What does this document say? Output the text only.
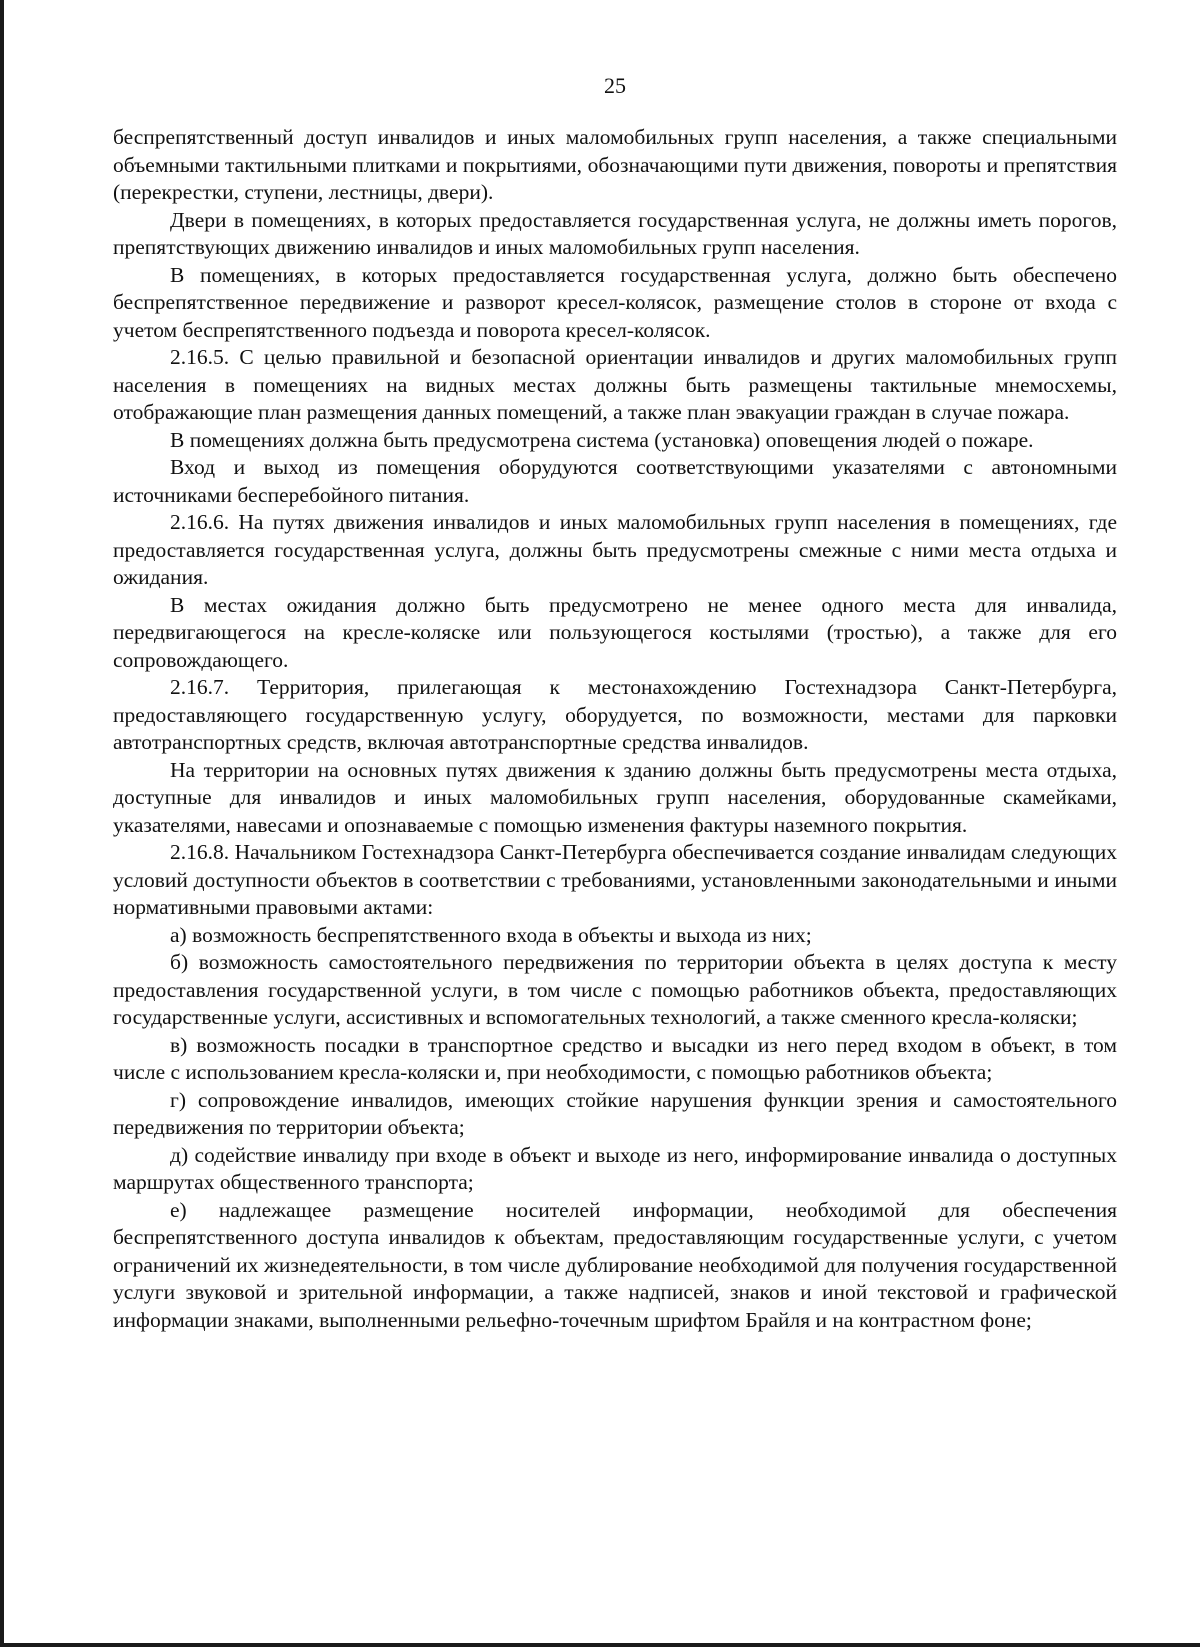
25

беспрепятственный доступ инвалидов и иных маломобильных групп населения, а также специальными объемными тактильными плитками и покрытиями, обозначающими пути движения, повороты и препятствия (перекрестки, ступени, лестницы, двери).

Двери в помещениях, в которых предоставляется государственная услуга, не должны иметь порогов, препятствующих движению инвалидов и иных маломобильных групп населения.

В помещениях, в которых предоставляется государственная услуга, должно быть обеспечено беспрепятственное передвижение и разворот кресел-колясок, размещение столов в стороне от входа с учетом беспрепятственного подъезда и поворота кресел-колясок.

2.16.5. С целью правильной и безопасной ориентации инвалидов и других маломобильных групп населения в помещениях на видных местах должны быть размещены тактильные мнемосхемы, отображающие план размещения данных помещений, а также план эвакуации граждан в случае пожара.

В помещениях должна быть предусмотрена система (установка) оповещения людей о пожаре.

Вход и выход из помещения оборудуются соответствующими указателями с автономными источниками бесперебойного питания.

2.16.6. На путях движения инвалидов и иных маломобильных групп населения в помещениях, где предоставляется государственная услуга, должны быть предусмотрены смежные с ними места отдыха и ожидания.

В местах ожидания должно быть предусмотрено не менее одного места для инвалида, передвигающегося на кресле-коляске или пользующегося костылями (тростью), а также для его сопровождающего.

2.16.7. Территория, прилегающая к местонахождению Гостехнадзора Санкт-Петербурга, предоставляющего государственную услугу, оборудуется, по возможности, местами для парковки автотранспортных средств, включая автотранспортные средства инвалидов.

На территории на основных путях движения к зданию должны быть предусмотрены места отдыха, доступные для инвалидов и иных маломобильных групп населения, оборудованные скамейками, указателями, навесами и опознаваемые с помощью изменения фактуры наземного покрытия.

2.16.8. Начальником Гостехнадзора Санкт-Петербурга обеспечивается создание инвалидам следующих условий доступности объектов в соответствии с требованиями, установленными законодательными и иными нормативными правовыми актами:

а) возможность беспрепятственного входа в объекты и выхода из них;

б) возможность самостоятельного передвижения по территории объекта в целях доступа к месту предоставления государственной услуги, в том числе с помощью работников объекта, предоставляющих государственные услуги, ассистивных и вспомогательных технологий, а также сменного кресла-коляски;

в) возможность посадки в транспортное средство и высадки из него перед входом в объект, в том числе с использованием кресла-коляски и, при необходимости, с помощью работников объекта;

г) сопровождение инвалидов, имеющих стойкие нарушения функции зрения и самостоятельного передвижения по территории объекта;

д) содействие инвалиду при входе в объект и выходе из него, информирование инвалида о доступных маршрутах общественного транспорта;

е) надлежащее размещение носителей информации, необходимой для обеспечения беспрепятственного доступа инвалидов к объектам, предоставляющим государственные услуги, с учетом ограничений их жизнедеятельности, в том числе дублирование необходимой для получения государственной услуги звуковой и зрительной информации, а также надписей, знаков и иной текстовой и графической информации знаками, выполненными рельефно-точечным шрифтом Брайля и на контрастном фоне;
